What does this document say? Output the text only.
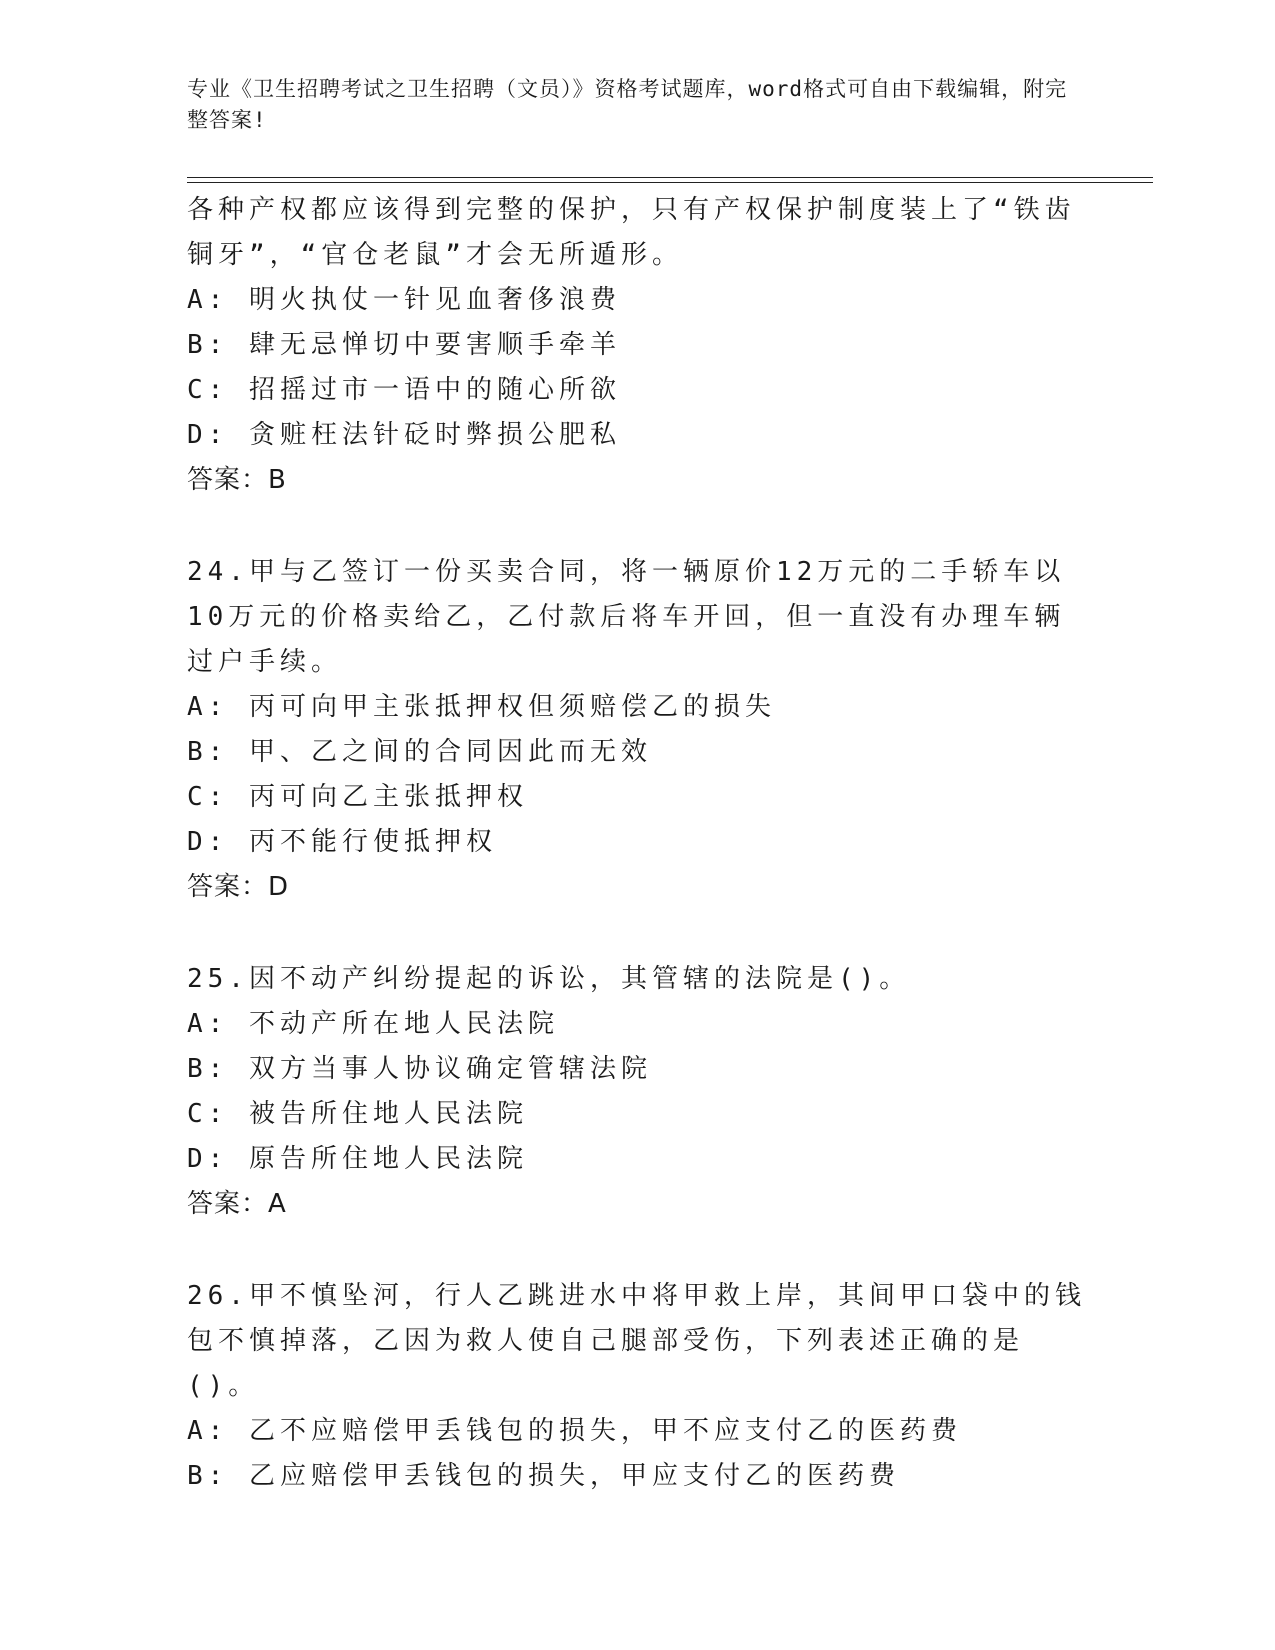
专业《卫生招聘考试之卫生招聘（文员）》资格考试题库，word格式可自由下载编辑，附完整答案!
各种产权都应该得到完整的保护，只有产权保护制度装上了“铁齿铜牙”，“官仓老鼠”才会无所遁形。
A: 明火执仗一针见血奢侈浪费
B: 肆无忌惮切中要害顺手牵羊
C: 招摇过市一语中的随心所欲
D: 贪赃枉法针砭时弊损公肥私
答案：B
24.甲与乙签订一份买卖合同，将一辆原价12万元的二手轿车以10万元的价格卖给乙，乙付款后将车开回，但一直没有办理车辆过户手续。
A: 丙可向甲主张抵押权但须赔偿乙的损失
B: 甲、乙之间的合同因此而无效
C: 丙可向乙主张抵押权
D: 丙不能行使抵押权
答案：D
25.因不动产纠纷提起的诉讼，其管辖的法院是()。
A: 不动产所在地人民法院
B: 双方当事人协议确定管辖法院
C: 被告所住地人民法院
D: 原告所住地人民法院
答案：A
26.甲不慎坠河，行人乙跳进水中将甲救上岸，其间甲口袋中的钱包不慎掉落，乙因为救人使自己腿部受伤，下列表述正确的是()。
A: 乙不应赔偿甲丢钱包的损失，甲不应支付乙的医药费
B: 乙应赔偿甲丢钱包的损失，甲应支付乙的医药费
